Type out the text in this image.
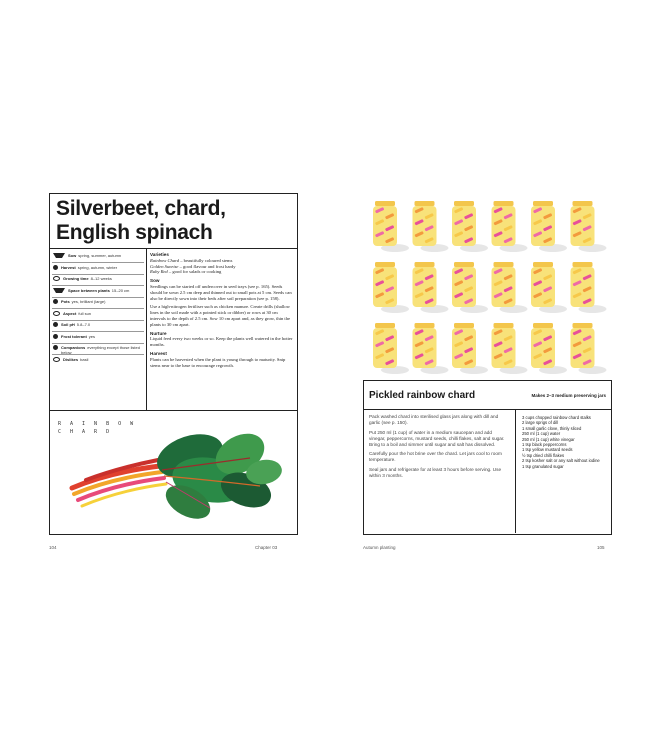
Silverbeet, chard,
English spinach
Sow spring, summer, autumn
Harvest spring, autumn, winter
Growing time 8–12 weeks
Space between plants 15–20 cm
Pots yes, brilliant (large)
Aspect full sun
Soil pH 5.8–7.0
Frost tolerant yes
Companions everything except those listed below
Dislikes basil
Varieties
Rainbow Chard – beautifully coloured stems
Golden Sunrise – good flavour and frost hardy
Ruby Red – good for salads or cooking
Sow
Seedlings can be started off undercover in seed trays (see p. 165). Seeds should be sown 2.5 cm deep and thinned out to small pots at 5 cm. Seeds can also be directly sown into their beds after soil preparation (see p. 158).
Use a high-nitrogen fertiliser such as chicken manure. Create drills (shallow lines in the soil made with a pointed stick or dibber) or rows at 30 cm intervals to the depth of 2.5 cm. Sow 10 cm apart and, as they grow, thin the plants to 30 cm apart.
Nurture
Liquid feed every two weeks or so. Keep the plants well watered in the hotter months.
Harvest
Plants can be harvested when the plant is young through to maturity. Snip stems near to the base to encourage regrowth.
R A I N B O W
C H A R D
104	Chapter 03
Pickled rainbow chard	Makes 2–3 medium preserving jars

Pack washed chard into sterilised glass jars along with dill and garlic (see p. 150).

Put 250 ml (1 cup) of water in a medium saucepan and add vinegar, peppercorns, mustard seeds, chilli flakes, salt and sugar. Bring to a boil and simmer until sugar and salt has dissolved.

Carefully pour the hot brine over the chard. Let jars cool to room temperature.

Seal jars and refrigerate for at least 3 hours before serving. Use within 3 months.

3 cups chopped rainbow chard stalks
2 large sprigs of dill
1 small garlic clove, thinly sliced
250 ml (1 cup) water
250 ml (1 cup) white vinegar
1 tsp black peppercorns
1 tsp yellow mustard seeds
½ tsp dried chilli flakes
2 tsp kosher salt or any salt without iodine
1 tsp granulated sugar
Autumn planting	105
